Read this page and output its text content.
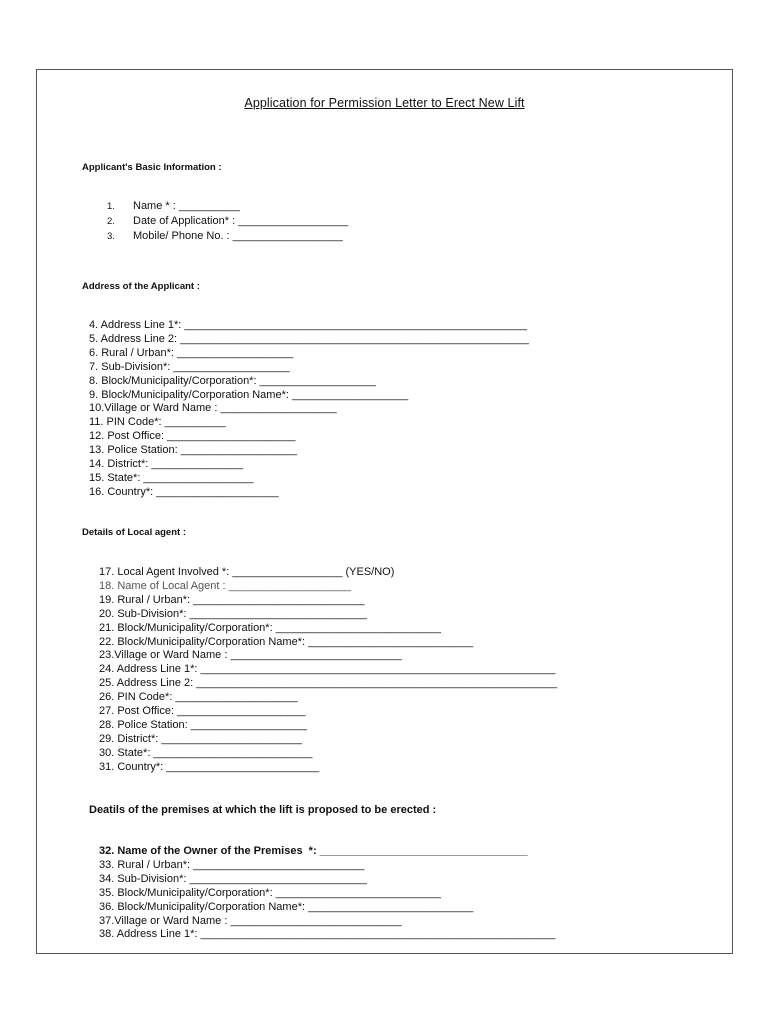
Application for Permission Letter to Erect New Lift
Applicant's Basic Information :
1. Name * : __________
2. Date of Application* : __________________
3. Mobile/ Phone No. : __________________
Address of the Applicant :
4. Address Line 1*: ________________________________________________________
5. Address Line 2: _________________________________________________________
6. Rural / Urban*: ___________________
7. Sub-Division*: ___________________
8. Block/Municipality/Corporation*: ___________________
9. Block/Municipality/Corporation Name*: ___________________
10.Village or Ward Name : ___________________
11. PIN Code*: __________
12. Post Office: _____________________
13. Police Station: ___________________
14. District*: _______________
15. State*: __________________
16. Country*: ____________________
Details of Local agent :
17. Local Agent Involved *: __________________ (YES/NO)
18. Name of Local Agent : ____________________
19. Rural / Urban*: ____________________________
20. Sub-Division*: _____________________________
21. Block/Municipality/Corporation*: ___________________________
22. Block/Municipality/Corporation Name*: ___________________________
23.Village or Ward Name : ____________________________
24. Address Line 1*: __________________________________________________________
25. Address Line 2: ___________________________________________________________
26. PIN Code*: ____________________
27. Post Office: _____________________
28. Police Station: ___________________
29. District*: _______________________
30. State*: __________________________
31. Country*: _________________________
Deatils of the premises at which the lift is proposed to be erected :
32. Name of the Owner of the Premises  *: __________________________________
33. Rural / Urban*: ____________________________
34. Sub-Division*: _____________________________
35. Block/Municipality/Corporation*: ___________________________
36. Block/Municipality/Corporation Name*: ___________________________
37.Village or Ward Name : ____________________________
38. Address Line 1*: __________________________________________________________
